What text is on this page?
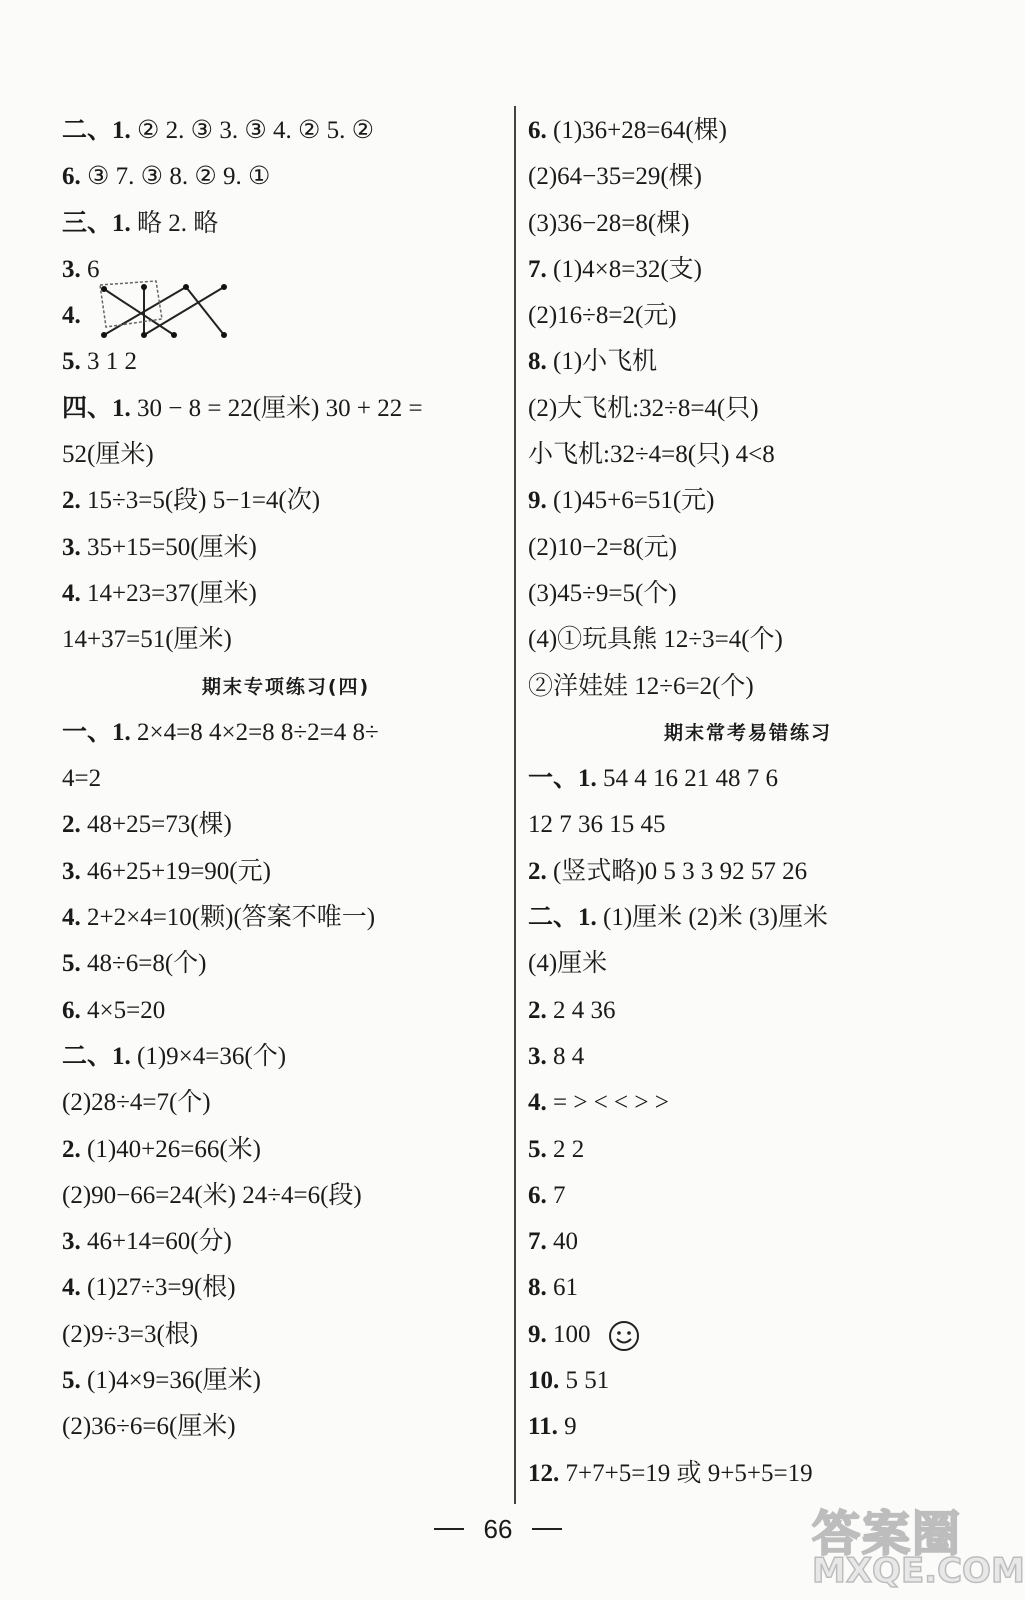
二、1. ② 2. ③ 3. ③ 4. ② 5. ②
6. ③ 7. ③ 8. ② 9. ①
三、1. 略 2. 略
3. 6
4.
5. 3 1 2
四、1. 30 − 8 = 22(厘米) 30 + 22 =
52(厘米)
2. 15÷3=5(段) 5−1=4(次)
3. 35+15=50(厘米)
4. 14+23=37(厘米)
14+37=51(厘米)
期末专项练习(四)
一、1. 2×4=8 4×2=8 8÷2=4 8÷
4=2
2. 48+25=73(棵)
3. 46+25+19=90(元)
4. 2+2×4=10(颗)(答案不唯一)
5. 48÷6=8(个)
6. 4×5=20
二、1. (1)9×4=36(个)
(2)28÷4=7(个)
2. (1)40+26=66(米)
(2)90−66=24(米) 24÷4=6(段)
3. 46+14=60(分)
4. (1)27÷3=9(根)
(2)9÷3=3(根)
5. (1)4×9=36(厘米)
(2)36÷6=6(厘米)
6. (1)36+28=64(棵)
(2)64−35=29(棵)
(3)36−28=8(棵)
7. (1)4×8=32(支)
(2)16÷8=2(元)
8. (1)小飞机
(2)大飞机:32÷8=4(只)
小飞机:32÷4=8(只) 4<8
9. (1)45+6=51(元)
(2)10−2=8(元)
(3)45÷9=5(个)
(4)①玩具熊 12÷3=4(个)
②洋娃娃 12÷6=2(个)
期末常考易错练习
一、1. 54 4 16 21 48 7 6
12 7 36 15 45
2. (竖式略)0 5 3 3 92 57 26
二、1. (1)厘米 (2)米 (3)厘米
(4)厘米
2. 2 4 36
3. 8 4
4. = > < < > >
5. 2 2
6. 7
7. 40
8. 61
9. 100
10. 5 51
11. 9
12. 7+7+5=19 或 9+5+5=19
66	答案圈
MXQE.COM
